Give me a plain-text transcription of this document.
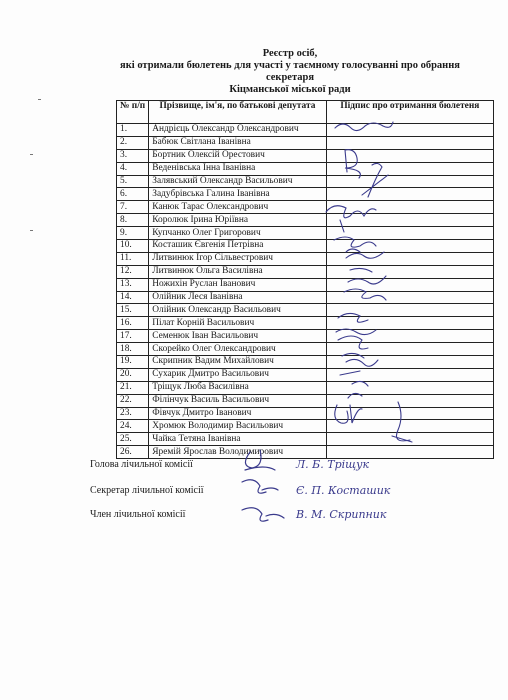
Реєстр осіб,
які отримали бюлетень для участі у таємному голосуванні про обрання секретаря
Кіцманської міської ради
№ п/п	Прізвище, ім'я, по батькові депутата	Підпис про отримання бюлетеня
1.	Андрієць Олександр Олександрович	
2.	Бабюк Світлана Іванівна	
3.	Бортник Олексій Орестович	
4.	Веденівська Інна Іванівна	
5.	Залявський Олександр Васильович	
6.	Задубрівська Галина Іванівна	
7.	Канюк Тарас Олександрович	
8.	Королюк Ірина Юріївна	
9.	Купчанко Олег Григорович	
10.	Косташик Євгенія Петрівна	
11.	Литвинюк Ігор Сільвестрович	
12.	Литвинюк Ольга Василівна	
13.	Ножихін Руслан Іванович	
14.	Олійник Леся Іванівна	
15.	Олійник Олександр Васильович	
16.	Пілат Корній Васильович	
17.	Семенюк Іван Васильович	
18.	Скорейко Олег Олександрович	
19.	Скрипник Вадим Михайлович	
20.	Сухарик Дмитро Васильович	
21.	Тріщук Люба Василівна	
22.	Філінчук Василь Васильович	
23.	Фівчук Дмитро Іванович	
24.	Хромюк Володимир Васильович	
25.	Чайка Тетяна Іванівна	
26.	Яремій Ярослав Володимирович	
Голова лічильної комісії	Л. Б. Тріщук
Секретар лічильної комісії	Є. П. Косташик
Член лічильної комісії	В. М. Скрипник
